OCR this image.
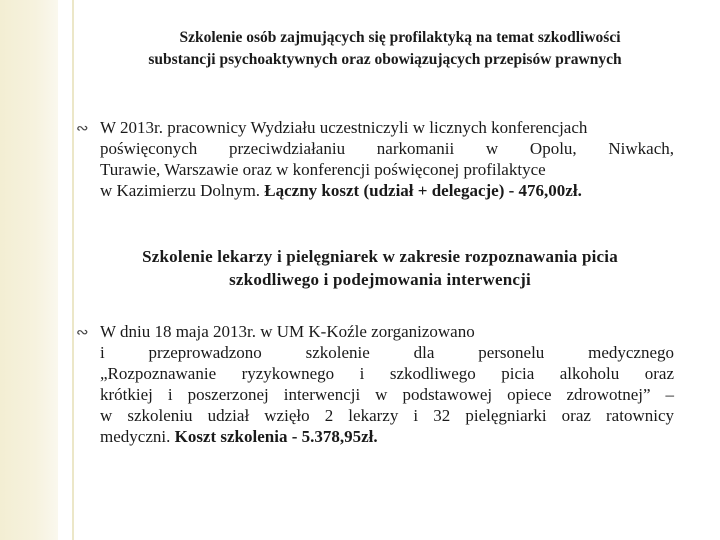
Szkolenie osób zajmujących się profilaktyką na temat szkodliwości
substancji psychoaktywnych oraz obowiązujących przepisów prawnych
∾ W 2013r. pracownicy Wydziału uczestniczyli w licznych konferencjach
poświęconych przeciwdziałaniu narkomanii w Opolu, Niwkach,
Turawie, Warszawie oraz w konferencji poświęconej profilaktyce
w Kazimierzu Dolnym. Łączny koszt (udział + delegacje) - 476,00zł.
Szkolenie lekarzy i pielęgniarek w zakresie rozpoznawania picia
szkodliwego i podejmowania interwencji
∾ W dniu 18 maja 2013r. w UM K-Koźle zorganizowano
i przeprowadzono szkolenie dla personelu medycznego
„Rozpoznawanie ryzykownego i szkodliwego picia alkoholu oraz
krótkiej i poszerzonej interwencji w podstawowej opiece zdrowotnej” –
w szkoleniu udział wzięło 2 lekarzy i 32 pielęgniarki oraz ratownicy
medyczni. Koszt szkolenia - 5.378,95zł.
